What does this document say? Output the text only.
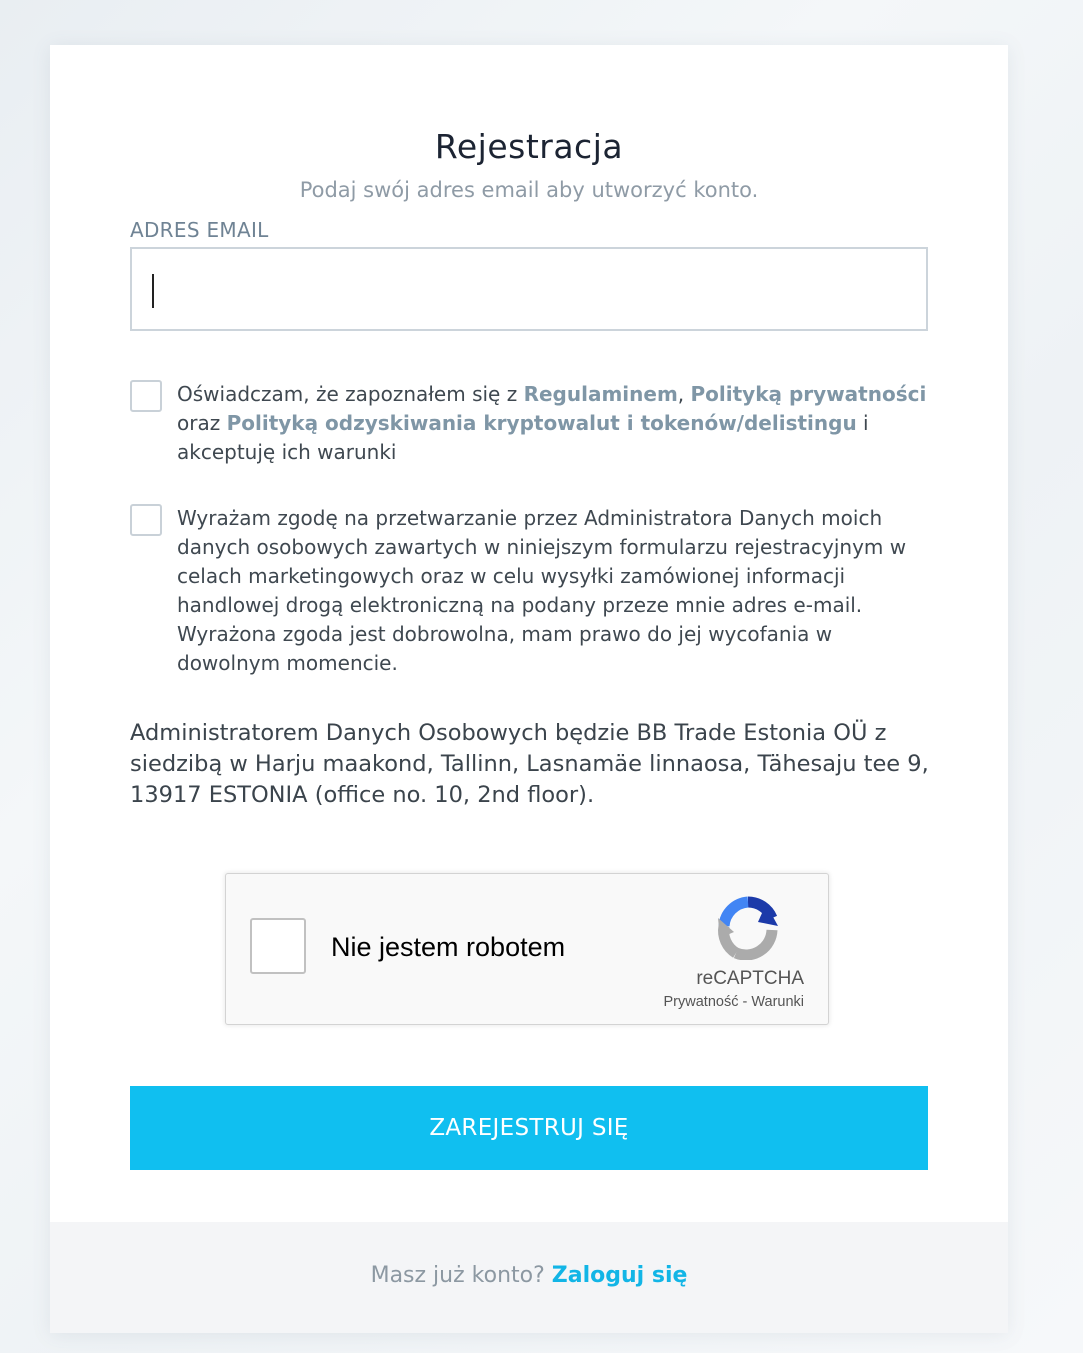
Rejestracja
Podaj swój adres email aby utworzyć konto.
ADRES EMAIL
Oświadczam, że zapoznałem się z Regulaminem, Polityką prywatności oraz Polityką odzyskiwania kryptowalut i tokenów/delistingu i akceptuję ich warunki
Wyrażam zgodę na przetwarzanie przez Administratora Danych moich danych osobowych zawartych w niniejszym formularzu rejestracyjnym w celach marketingowych oraz w celu wysyłki zamówionej informacji handlowej drogą elektroniczną na podany przeze mnie adres e-mail. Wyrażona zgoda jest dobrowolna, mam prawo do jej wycofania w dowolnym momencie.
Administratorem Danych Osobowych będzie BB Trade Estonia OÜ z siedzibą w Harju maakond, Tallinn, Lasnamäe linnaosa, Tähesaju tee 9, 13917 ESTONIA (office no. 10, 2nd floor).
Nie jestem robotem
reCAPTCHA
Prywatność - Warunki
ZAREJESTRUJ SIĘ
Masz już konto? Zaloguj się
